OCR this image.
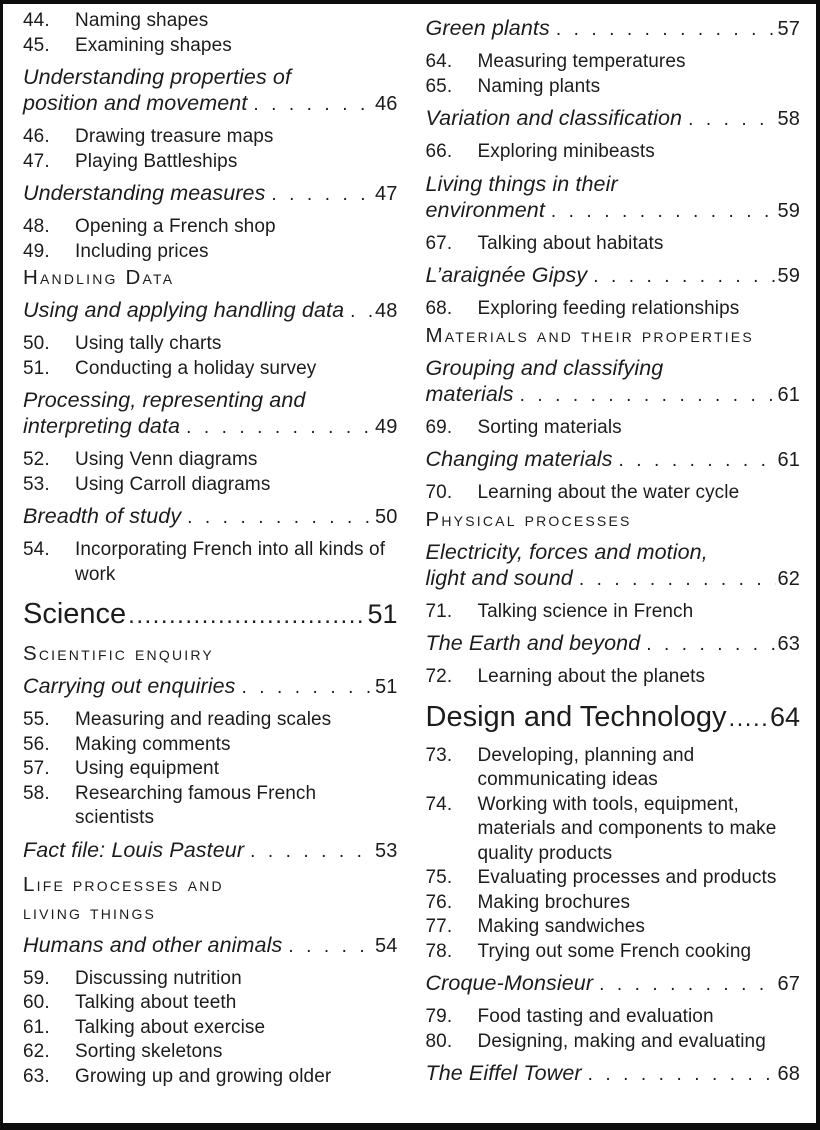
44.	Naming shapes
45.	Examining shapes
Understanding properties of
position and movement . . .	46
46.	Drawing treasure maps
47.	Playing Battleships
Understanding measures . . .	47
48.	Opening a French shop
49.	Including prices
Handling Data
Using and applying handling data . . . 48
50.	Using tally charts
51.	Conducting a holiday survey
Processing, representing and
interpreting data . . .	49
52.	Using Venn diagrams
53.	Using Carroll diagrams
Breadth of study . . .	50
54.	Incorporating French into all kinds of work
Science .....	51
Scientific enquiry
Carrying out enquiries . . .	51
55.	Measuring and reading scales
56.	Making comments
57.	Using equipment
58.	Researching famous French scientists
Fact file: Louis Pasteur . . .	53
Life processes and
living things
Humans and other animals . . .	54
59.	Discussing nutrition
60.	Talking about teeth
61.	Talking about exercise
62.	Sorting skeletons
63.	Growing up and growing older
Green plants . . .	57
64.	Measuring temperatures
65.	Naming plants
Variation and classification . . .	58
66.	Exploring minibeasts
Living things in their
environment . . .	59
67.	Talking about habitats
L’araignée Gipsy . . .	59
68.	Exploring feeding relationships
Materials and their properties
Grouping and classifying
materials . . .	61
69.	Sorting materials
Changing materials . . .	61
70.	Learning about the water cycle
Physical processes
Electricity, forces and motion,
light and sound . . .	62
71.	Talking science in French
The Earth and beyond . . .	63
72.	Learning about the planets
Design and Technology ..... 64
73.	Developing, planning and communicating ideas
74.	Working with tools, equipment, materials and components to make quality products
75.	Evaluating processes and products
76.	Making brochures
77.	Making sandwiches
78.	Trying out some French cooking
Croque-Monsieur . . .	67
79.	Food tasting and evaluation
80.	Designing, making and evaluating
The Eiffel Tower . . .	68
